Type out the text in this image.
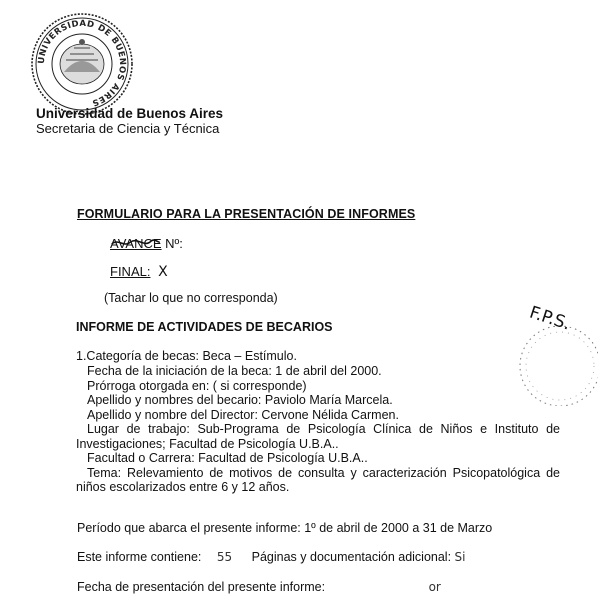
UNIVERSIDAD DE BUENOS AIRES
Universidad de Buenos Aires
Secretaria de Ciencia y Técnica
FORMULARIO PARA LA PRESENTACIÓN DE INFORMES
AVANCE
Nº:
FINAL: X
(Tachar lo que no corresponda)
F.P.S.
INFORME DE ACTIVIDADES DE BECARIOS
1.Categoría de becas: Beca – Estímulo.
Fecha de la iniciación de la beca: 1 de abril del 2000.
Prórroga otorgada en: ( si corresponde)
Apellido y nombres del becario: Paviolo María Marcela.
Apellido y nombre del Director: Cervone Nélida Carmen.
Lugar de trabajo: Sub-Programa de Psicología Clínica de Niños e Instituto de
Investigaciones; Facultad de Psicología U.B.A..
Facultad o Carrera: Facultad de Psicología U.B.A..
Tema: Relevamiento de motivos de consulta y caracterización Psicopatológica de
niños escolarizados entre 6 y 12 años.
Período que abarca el presente informe: 1º de abril de 2000 a 31 de Marzo
Este informe contiene: 55 Páginas y documentación adicional: Si
Fecha de presentación del presente informe:	or
